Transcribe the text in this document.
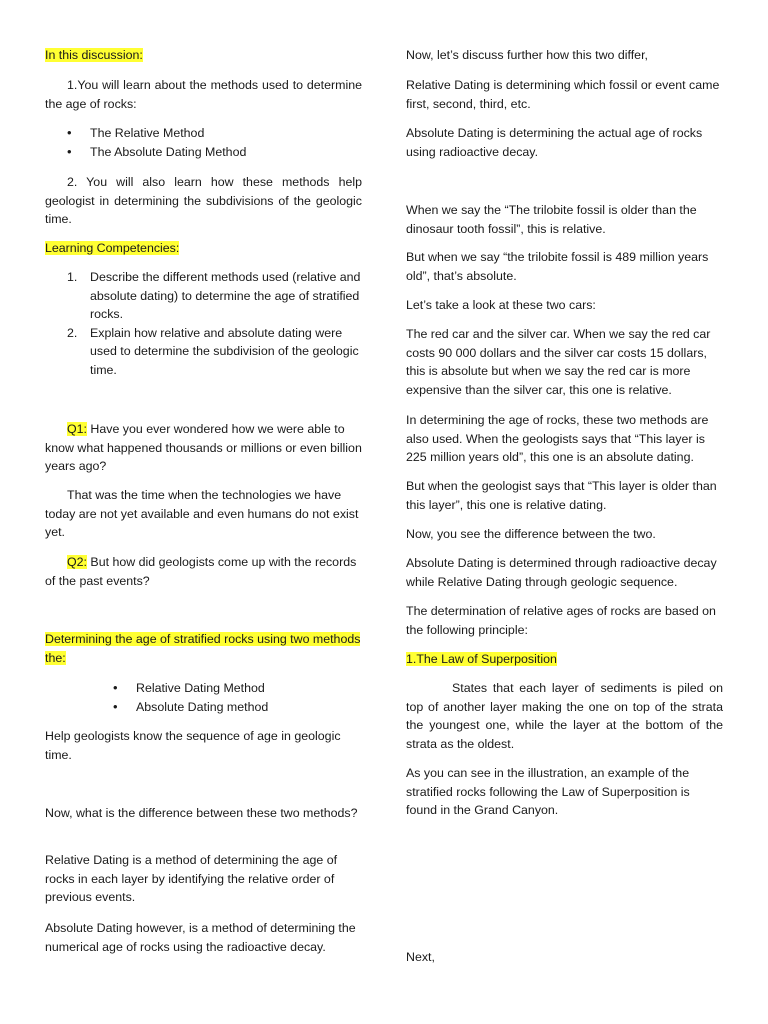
In this discussion:

1.You will learn about the methods used to determine the age of rocks:

• The Relative Method
• The Absolute Dating Method

2. You will also learn how these methods help geologist in determining the subdivisions of the geologic time.

Learning Competencies:

1. Describe the different methods used (relative and absolute dating) to determine the age of stratified rocks.
2. Explain how relative and absolute dating were used to determine the subdivision of the geologic time.

Q1: Have you ever wondered how we were able to know what happened thousands or millions or even billion years ago?

That was the time when the technologies we have today are not yet available and even humans do not exist yet.

Q2: But how did geologists come up with the records of the past events?

Determining the age of stratified rocks using two methods the:

• Relative Dating Method
• Absolute Dating method

Help geologists know the sequence of age in geologic time.

Now, what is the difference between these two methods?

Relative Dating is a method of determining the age of rocks in each layer by identifying the relative order of previous events.

Absolute Dating however, is a method of determining the numerical age of rocks using the radioactive decay.

Now, let’s discuss further how this two differ,

Relative Dating is determining which fossil or event came first, second, third, etc.

Absolute Dating is determining the actual age of rocks using radioactive decay.

When we say the “The trilobite fossil is older than the dinosaur tooth fossil”, this is relative.

But when we say “the trilobite fossil is 489 million years old”, that’s absolute.

Let’s take a look at these two cars:

The red car and the silver car. When we say the red car costs 90 000 dollars and the silver car costs 15 dollars, this is absolute but when we say the red car is more expensive than the silver car, this one is relative.

In determining the age of rocks, these two methods are also used. When the geologists says that “This layer is 225 million years old”, this one is an absolute dating.

But when the geologist says that “This layer is older than this layer”, this one is relative dating.

Now, you see the difference between the two.

Absolute Dating is determined through radioactive decay while Relative Dating through geologic sequence.

The determination of relative ages of rocks are based on the following principle:

1.The Law of Superposition

States that each layer of sediments is piled on top of another layer making the one on top of the strata the youngest one, while the layer at the bottom of the strata as the oldest.

As you can see in the illustration, an example of the stratified rocks following the Law of Superposition is found in the Grand Canyon.

Next,
